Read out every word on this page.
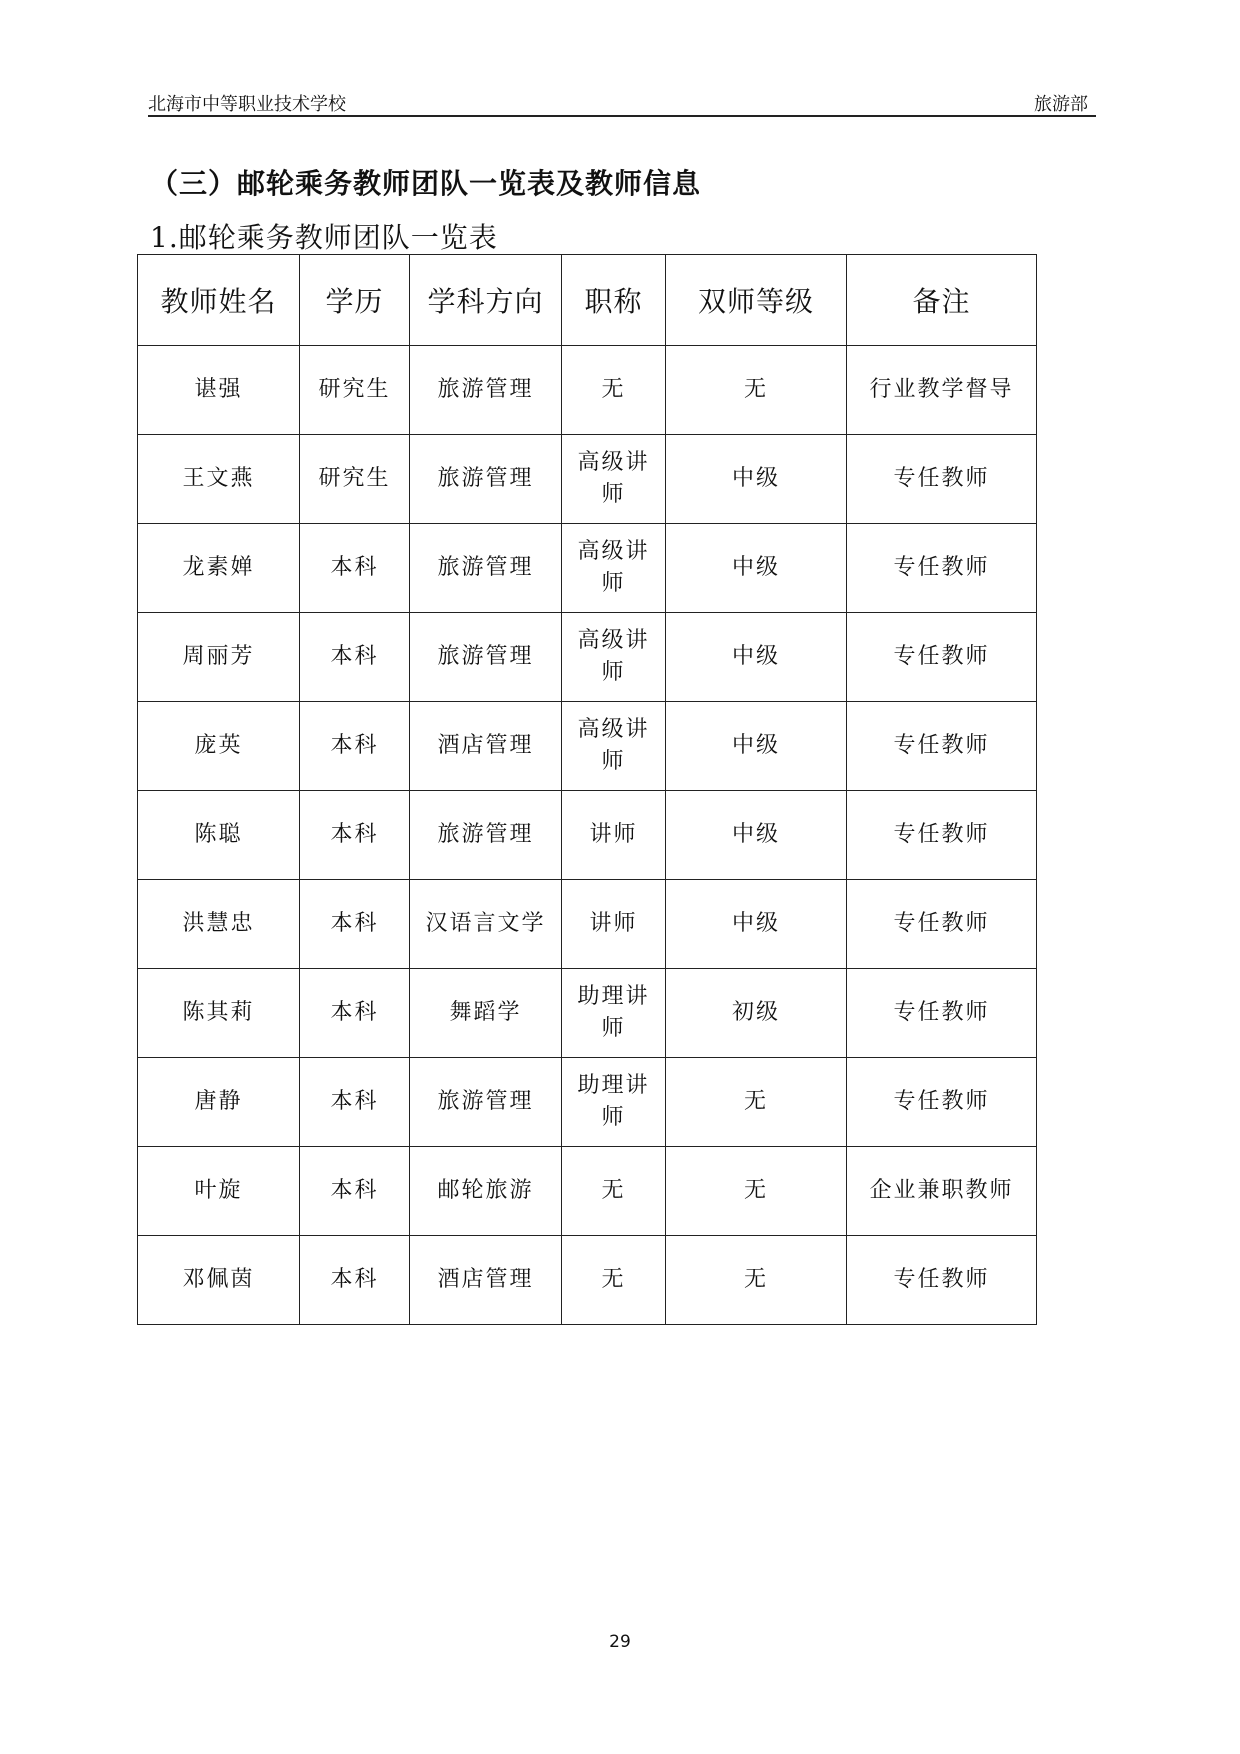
北海市中等职业技术学校	旅游部
（三）邮轮乘务教师团队一览表及教师信息
1.邮轮乘务教师团队一览表
教师姓名	学历	学科方向	职称	双师等级	备注
谌强	研究生	旅游管理	无	无	行业教学督导
王文燕	研究生	旅游管理	高级讲师	中级	专任教师
龙素婵	本科	旅游管理	高级讲师	中级	专任教师
周丽芳	本科	旅游管理	高级讲师	中级	专任教师
庞英	本科	酒店管理	高级讲师	中级	专任教师
陈聪	本科	旅游管理	讲师	中级	专任教师
洪慧忠	本科	汉语言文学	讲师	中级	专任教师
陈其莉	本科	舞蹈学	助理讲师	初级	专任教师
唐静	本科	旅游管理	助理讲师	无	专任教师
叶旋	本科	邮轮旅游	无	无	企业兼职教师
邓佩茵	本科	酒店管理	无	无	专任教师
29
